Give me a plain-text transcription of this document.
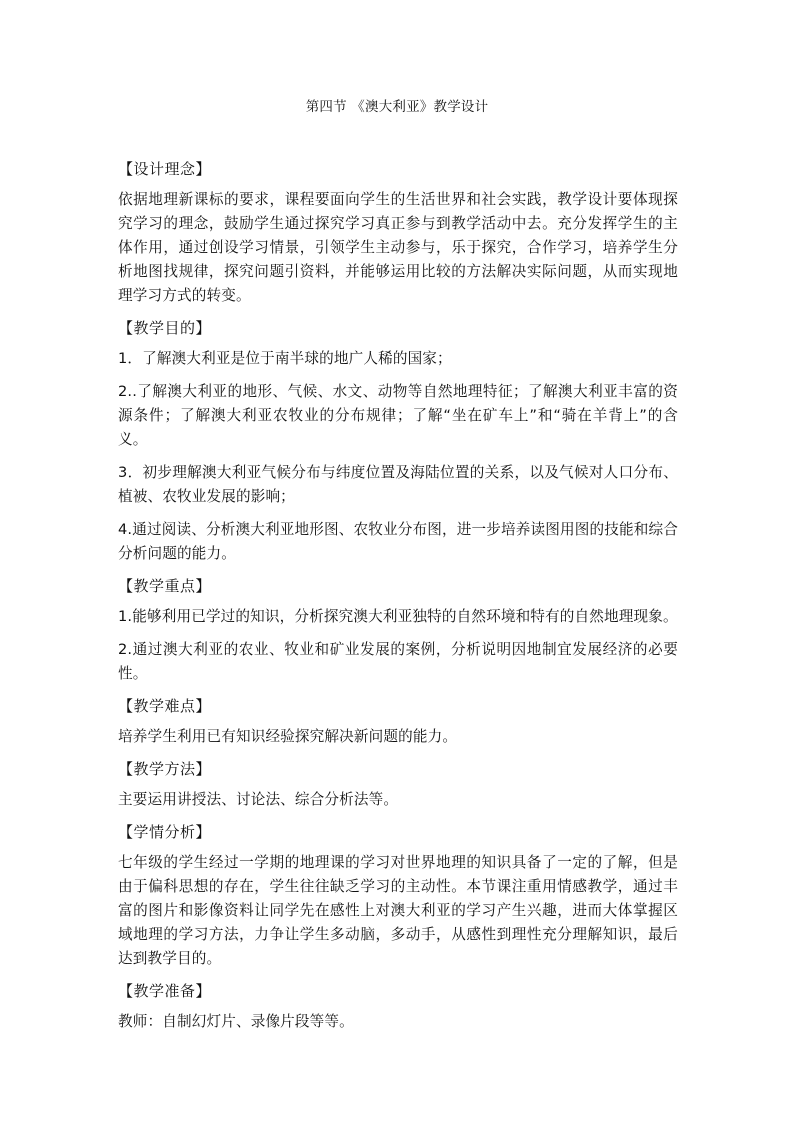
第四节 《澳大利亚》教学设计
【设计理念】
依据地理新课标的要求，课程要面向学生的生活世界和社会实践，教学设计要体现探究学习的理念，鼓励学生通过探究学习真正参与到教学活动中去。充分发挥学生的主体作用，通过创设学习情景，引领学生主动参与，乐于探究，合作学习，培养学生分析地图找规律，探究问题引资料，并能够运用比较的方法解决实际问题，从而实现地理学习方式的转变。
【教学目的】
1．了解澳大利亚是位于南半球的地广人稀的国家；
2..了解澳大利亚的地形、气候、水文、动物等自然地理特征；了解澳大利亚丰富的资源条件；了解澳大利亚农牧业的分布规律；了解“坐在矿车上”和“骑在羊背上”的含义。
3．初步理解澳大利亚气候分布与纬度位置及海陆位置的关系，以及气候对人口分布、植被、农牧业发展的影响；
4.通过阅读、分析澳大利亚地形图、农牧业分布图，进一步培养读图用图的技能和综合分析问题的能力。
【教学重点】
1.能够利用已学过的知识，分析探究澳大利亚独特的自然环境和特有的自然地理现象。
2.通过澳大利亚的农业、牧业和矿业发展的案例，分析说明因地制宜发展经济的必要性。
【教学难点】
培养学生利用已有知识经验探究解决新问题的能力。
【教学方法】
主要运用讲授法、讨论法、综合分析法等。
【学情分析】
七年级的学生经过一学期的地理课的学习对世界地理的知识具备了一定的了解，但是由于偏科思想的存在，学生往往缺乏学习的主动性。本节课注重用情感教学，通过丰富的图片和影像资料让同学先在感性上对澳大利亚的学习产生兴趣，进而大体掌握区域地理的学习方法，力争让学生多动脑，多动手，从感性到理性充分理解知识，最后达到教学目的。
【教学准备】
教师：自制幻灯片、录像片段等等。
